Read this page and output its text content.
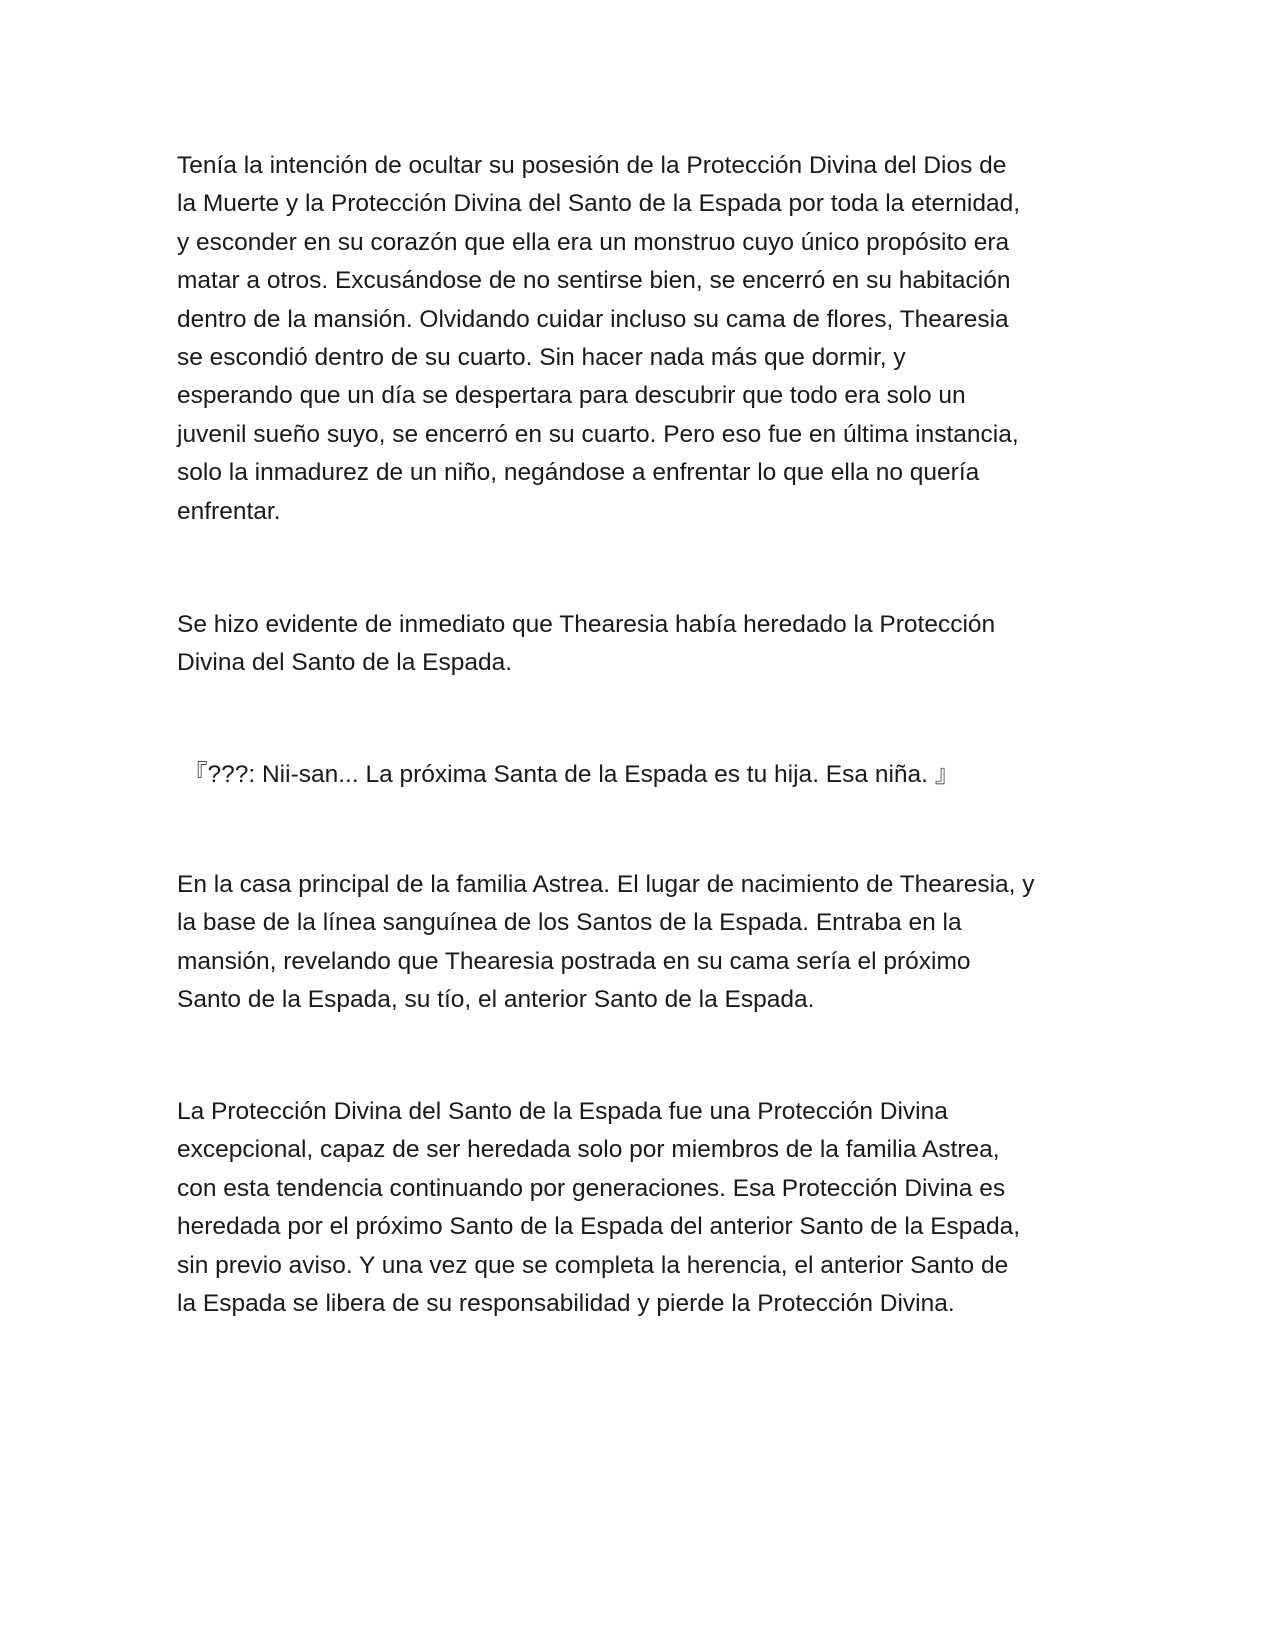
Tenía la intención de ocultar su posesión de la Protección Divina del Dios de
la Muerte y la Protección Divina del Santo de la Espada por toda la eternidad,
y esconder en su corazón que ella era un monstruo cuyo único propósito era
matar a otros. Excusándose de no sentirse bien, se encerró en su habitación
dentro de la mansión. Olvidando cuidar incluso su cama de flores, Thearesia
se escondió dentro de su cuarto. Sin hacer nada más que dormir, y
esperando que un día se despertara para descubrir que todo era solo un
juvenil sueño suyo, se encerró en su cuarto. Pero eso fue en última instancia,
solo la inmadurez de un niño, negándose a enfrentar lo que ella no quería
enfrentar.
Se hizo evidente de inmediato que Thearesia había heredado la Protección
Divina del Santo de la Espada.
『???: Nii-san... La próxima Santa de la Espada es tu hija. Esa niña. 』
En la casa principal de la familia Astrea. El lugar de nacimiento de Thearesia, y
la base de la línea sanguínea de los Santos de la Espada. Entraba en la
mansión, revelando que Thearesia postrada en su cama sería el próximo
Santo de la Espada, su tío, el anterior Santo de la Espada.
La Protección Divina del Santo de la Espada fue una Protección Divina
excepcional, capaz de ser heredada solo por miembros de la familia Astrea,
con esta tendencia continuando por generaciones. Esa Protección Divina es
heredada por el próximo Santo de la Espada del anterior Santo de la Espada,
sin previo aviso. Y una vez que se completa la herencia, el anterior Santo de
la Espada se libera de su responsabilidad y pierde la Protección Divina.
